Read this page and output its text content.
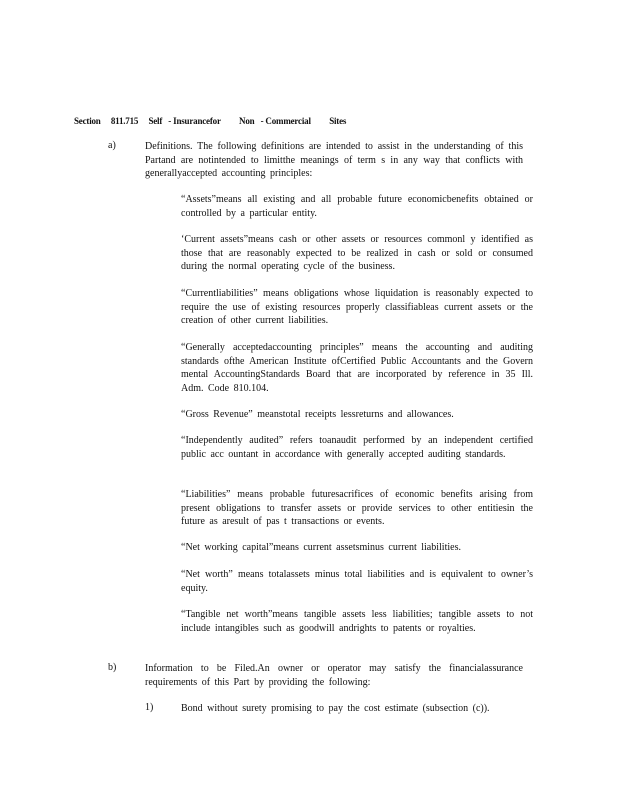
Section     811.715     Self   - Insurancefor         Non   - Commercial         Sites
a)	Definitions. The following definitions are intended to assist in the understanding of this Partand are notintended to limitthe meanings of term s in any way that conflicts with generallyaccepted accounting principles:
“Assets”means all existing and all probable future economicbenefits obtained or controlled by a particular entity.
‘Current assets”means cash or other assets or resources commonl y identified as those that are reasonably expected to be realized in cash or sold or consumed during the normal operating cycle of the business.
“Currentliabilities” means obligations whose liquidation is reasonably expected to require the use of existing resources properly classifiableas current assets or the creation of other current liabilities.
“Generally acceptedaccounting principles” means the accounting and auditing standards ofthe American Institute ofCertified Public Accountants and the Govern mental AccountingStandards Board that are incorporated by reference in 35 Ill. Adm. Code 810.104.
“Gross Revenue” meanstotal receipts lessreturns and allowances.
“Independently audited” refers toanaudit performed by an independent certified public acc ountant in accordance with generally accepted auditing standards.
“Liabilities” means probable futuresacrifices of economic benefits arising from present obligations to transfer assets or provide services to other entitiesin the future as aresult of pas t transactions or events.
“Net working capital”means current assetsminus current liabilities.
“Net worth” means totalassets minus total liabilities and is equivalent to owner’s equity.
“Tangible net worth”means tangible assets less liabilities; tangible assets to not include intangibles such as goodwill andrights to patents or royalties.
b)	Information to be Filed.An owner or operator may satisfy the financialassurance requirements of this Part by providing the following:
1)	Bond without surety promising to pay the cost estimate (subsection (c)).
